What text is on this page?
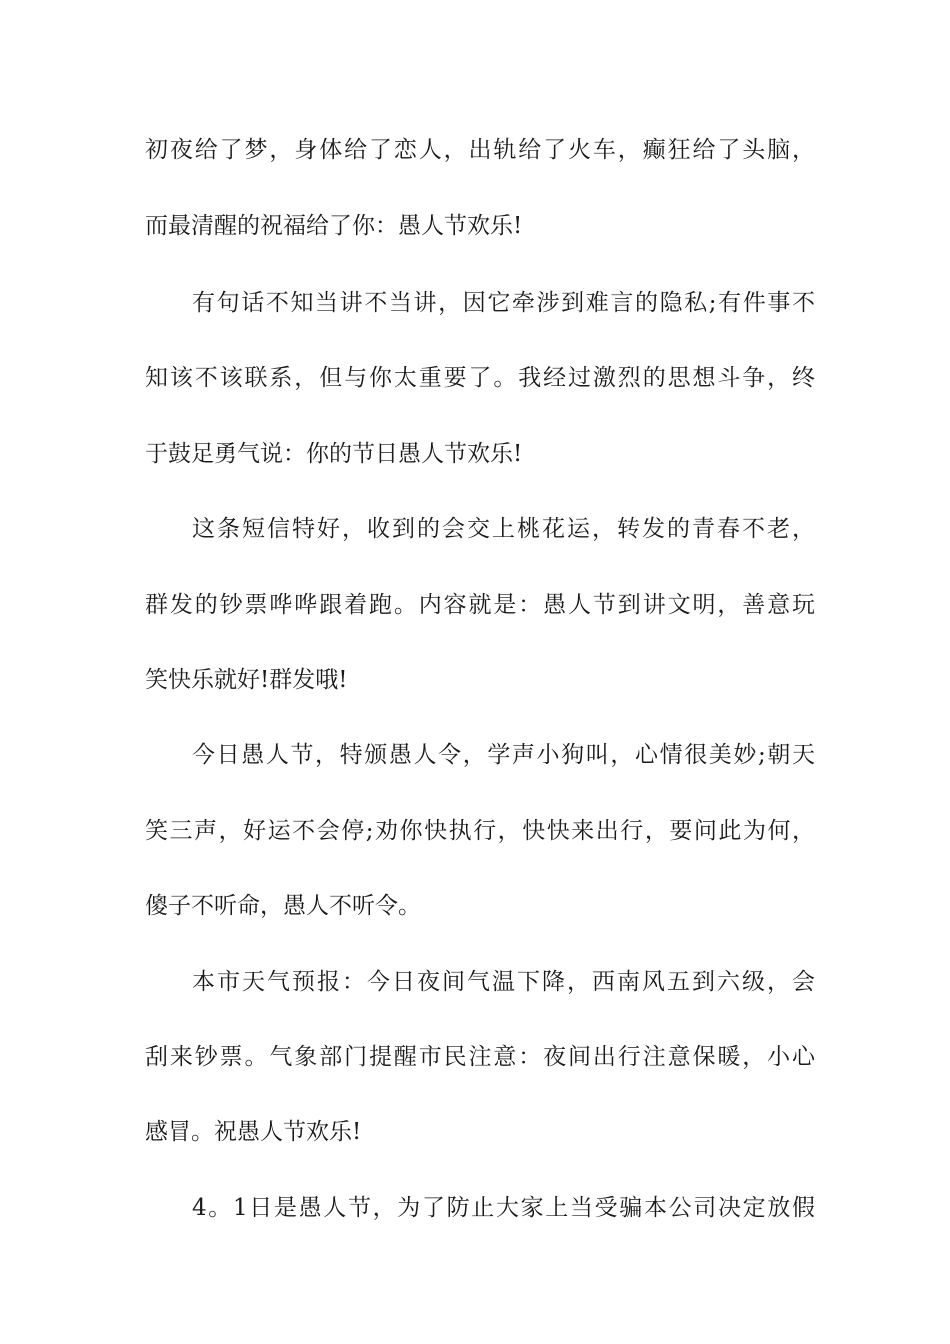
初夜给了梦，身体给了恋人，出轨给了火车，癫狂给了头脑，
而最清醒的祝福给了你：愚人节欢乐!
有句话不知当讲不当讲，因它牵涉到难言的隐私;有件事不
知该不该联系，但与你太重要了。我经过激烈的思想斗争，终
于鼓足勇气说：你的节日愚人节欢乐!
这条短信特好，收到的会交上桃花运，转发的青春不老，
群发的钞票哗哗跟着跑。内容就是：愚人节到讲文明，善意玩
笑快乐就好!群发哦!
今日愚人节，特颁愚人令，学声小狗叫，心情很美妙;朝天
笑三声，好运不会停;劝你快执行，快快来出行，要问此为何，
傻子不听命，愚人不听令。
本市天气预报：今日夜间气温下降，西南风五到六级，会
刮来钞票。气象部门提醒市民注意：夜间出行注意保暖，小心
感冒。祝愚人节欢乐!
4。1日是愚人节，为了防止大家上当受骗本公司决定放假
